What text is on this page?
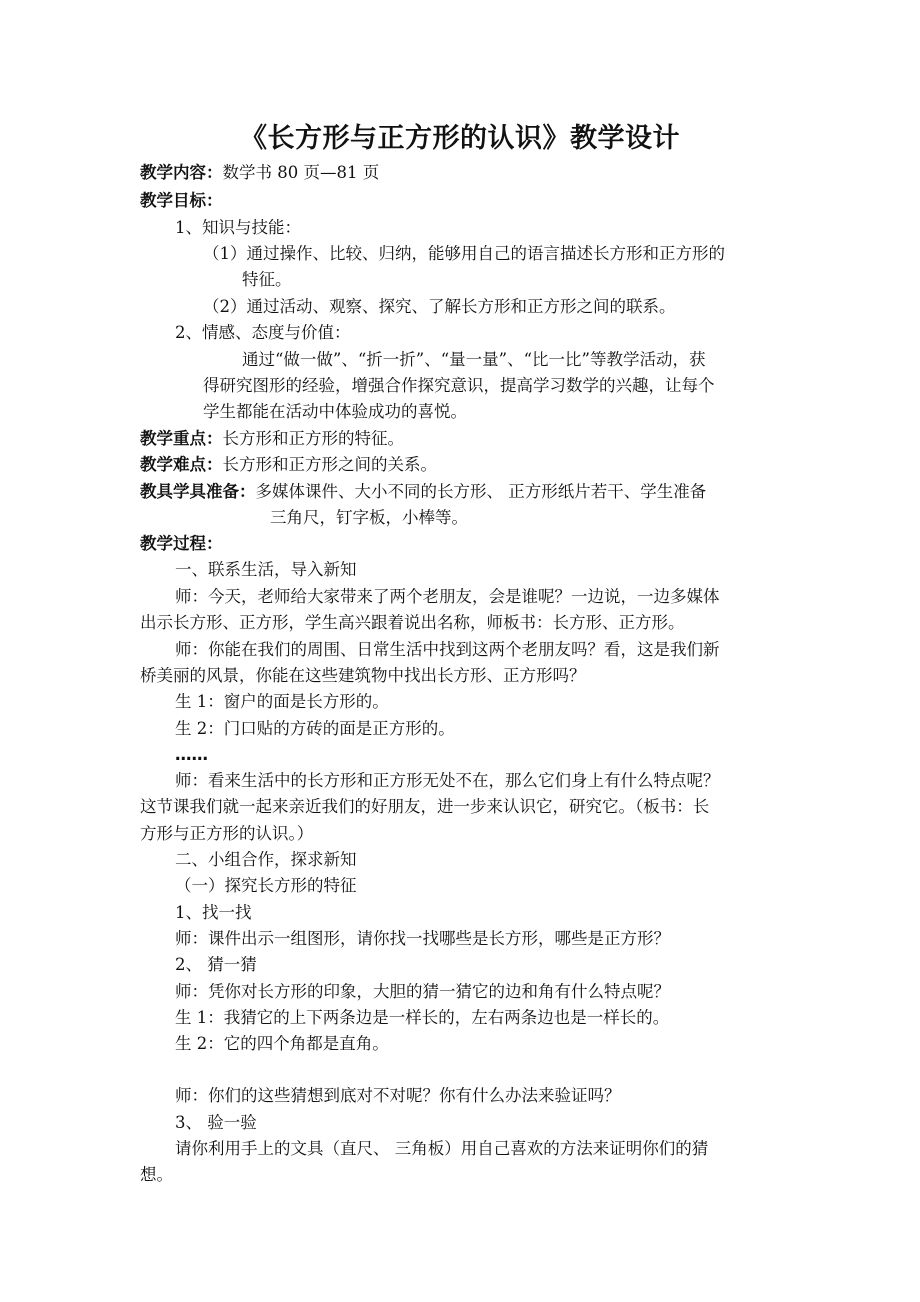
《长方形与正方形的认识》教学设计
教学内容：数学书 80 页—81 页
教学目标：
1、知识与技能：
（1）通过操作、比较、归纳，能够用自己的语言描述长方形和正方形的
特征。
（2）通过活动、观察、探究、了解长方形和正方形之间的联系。
2、情感、态度与价值：
通过“做一做”、“折一折”、“量一量”、“比一比”等教学活动，获
得研究图形的经验，增强合作探究意识，提高学习数学的兴趣，让每个
学生都能在活动中体验成功的喜悦。
教学重点：长方形和正方形的特征。
教学难点：长方形和正方形之间的关系。
教具学具准备：多媒体课件、大小不同的长方形、 正方形纸片若干、学生准备
三角尺，钉字板，小棒等。
教学过程：
一、联系生活，导入新知
师：今天，老师给大家带来了两个老朋友，会是谁呢？一边说，一边多媒体
出示长方形、正方形，学生高兴跟着说出名称，师板书：长方形、正方形。
师：你能在我们的周围、日常生活中找到这两个老朋友吗？看，这是我们新
桥美丽的风景，你能在这些建筑物中找出长方形、正方形吗？
生 1：窗户的面是长方形的。
生 2：门口贴的方砖的面是正方形的。
……
师：看来生活中的长方形和正方形无处不在，那么它们身上有什么特点呢？
这节课我们就一起来亲近我们的好朋友，进一步来认识它，研究它。（板书：长
方形与正方形的认识。）
二、小组合作，探求新知
（一）探究长方形的特征
1、找一找
师：课件出示一组图形，请你找一找哪些是长方形，哪些是正方形？
2、 猜一猜
师：凭你对长方形的印象，大胆的猜一猜它的边和角有什么特点呢？
生 1：我猜它的上下两条边是一样长的，左右两条边也是一样长的。
生 2：它的四个角都是直角。
师：你们的这些猜想到底对不对呢？你有什么办法来验证吗？
3、 验一验
请你利用手上的文具（直尺、 三角板）用自己喜欢的方法来证明你们的猜
想。
